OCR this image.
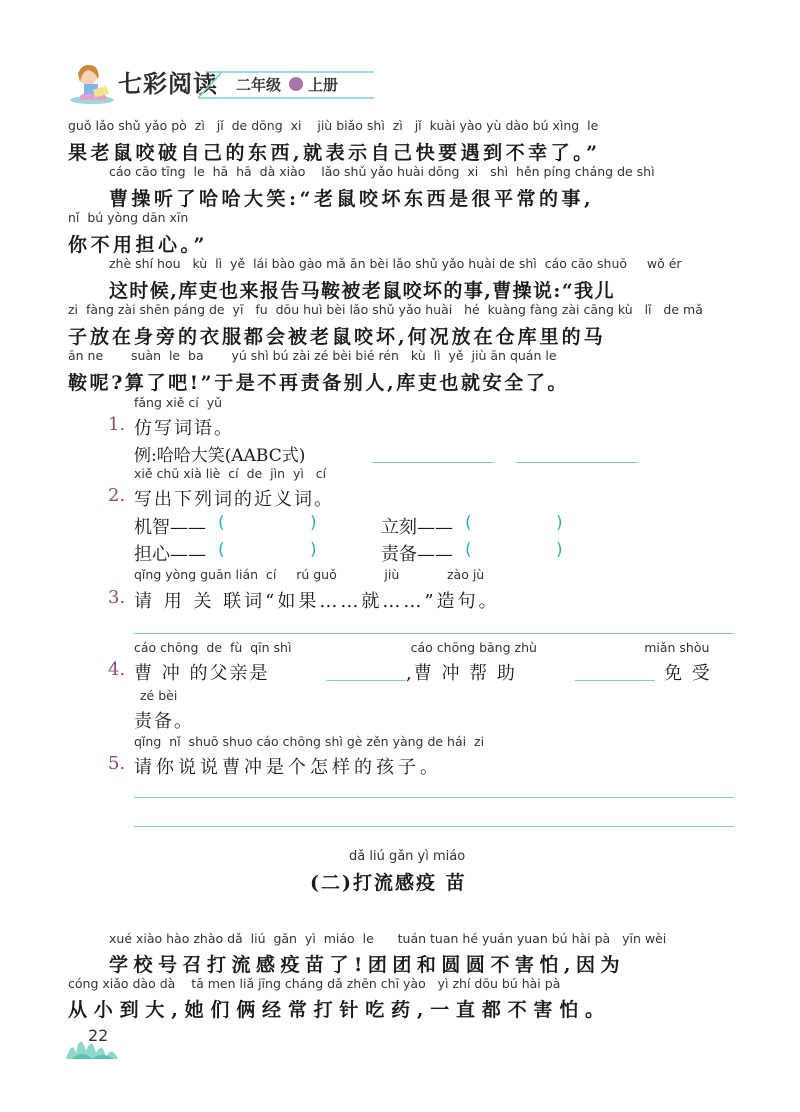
七彩阅读 二年级 上册
guǒ lǎo shǔ yǎo pò  zì   jǐ  de dōng  xi    jiù biǎo shì  zì   jǐ  kuài yào yù dào bú xìng  le
果老鼠咬破自己的东西,就表示自己快要遇到不幸了。”
cáo cāo tīng  le  hā  hā  dà xiào    lǎo shǔ yǎo huài dōng  xi   shì  hěn píng cháng de shì
曹操听了哈哈大笑:“老鼠咬坏东西是很平常的事,
nǐ  bú yòng dān xīn
你不用担心。”
zhè shí hou   kù  lì  yě  lái bào gào mǎ ān bèi lǎo shǔ yǎo huài de shì  cáo cāo shuō     wǒ ér
这时候,库吏也来报告马鞍被老鼠咬坏的事,曹操说:“我儿
zi  fàng zài shēn páng de  yī   fu  dōu huì bèi lǎo shǔ yǎo huài   hé  kuàng fàng zài cāng kù   lǐ   de mǎ
子放在身旁的衣服都会被老鼠咬坏,何况放在仓库里的马
ān ne       suàn  le  ba       yú shì bú zài zé bèi bié rén   kù  lì  yě  jiù ān quán le
鞍呢?算了吧!”于是不再责备别人,库吏也就安全了。
fǎng xiě cí  yǔ
1. 仿写词语。
例:哈哈大笑(AABC式)
xiě chū xià liè  cí  de  jìn  yì   cí
2. 写出下列词的近义词。
机智—— (	)	立刻—— (	)
担心—— (	)	责备—— (	)
qǐng yòng guān lián  cí     rú guǒ            jiù            zào jù
3. 请 用 关 联词“如果……就……”造句。
cáo chōng  de  fù  qīn shì                              cáo chōng bāng zhù                           miǎn shòu
4. 曹 冲 的父亲是	,曹 冲 帮 助	免 受
zé bèi
责备。
qǐng  nǐ  shuō shuo cáo chōng shì gè zěn yàng de hái  zi
5. 请你说说曹冲是个怎样的孩子。
dǎ liú gǎn yì miáo
(二)打流感疫 苗
xué xiào hào zhào dǎ  liú  gǎn  yì  miáo  le      tuán tuan hé yuán yuan bú hài pà   yīn wèi
学校号召打流感疫苗了!团团和圆圆不害怕,因为
cóng xiǎo dào dà    tā men liǎ jīng cháng dǎ zhēn chī yào   yì zhí dōu bú hài pà
从小到大,她们俩经常打针吃药,一直都不害怕。
22
